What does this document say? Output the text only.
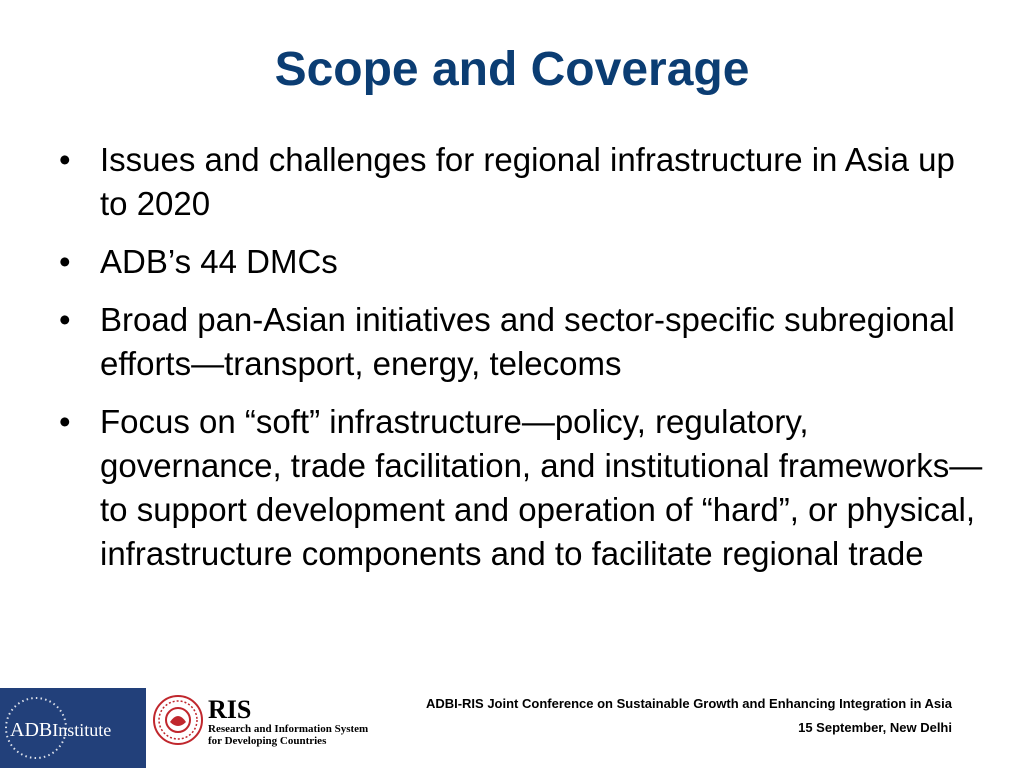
Scope and Coverage
• Issues and challenges for regional infrastructure in Asia up to 2020
• ADB’s 44 DMCs
• Broad pan-Asian initiatives and sector-specific subregional efforts—transport, energy, telecoms
• Focus on “soft” infrastructure—policy, regulatory, governance, trade facilitation, and institutional frameworks—to support development and operation of “hard”, or physical, infrastructure components and to facilitate regional trade
ADBInstitute
RIS
Research and Information System
for Developing Countries
ADBI-RIS Joint Conference on Sustainable Growth and Enhancing Integration in Asia
15 September, New Delhi
